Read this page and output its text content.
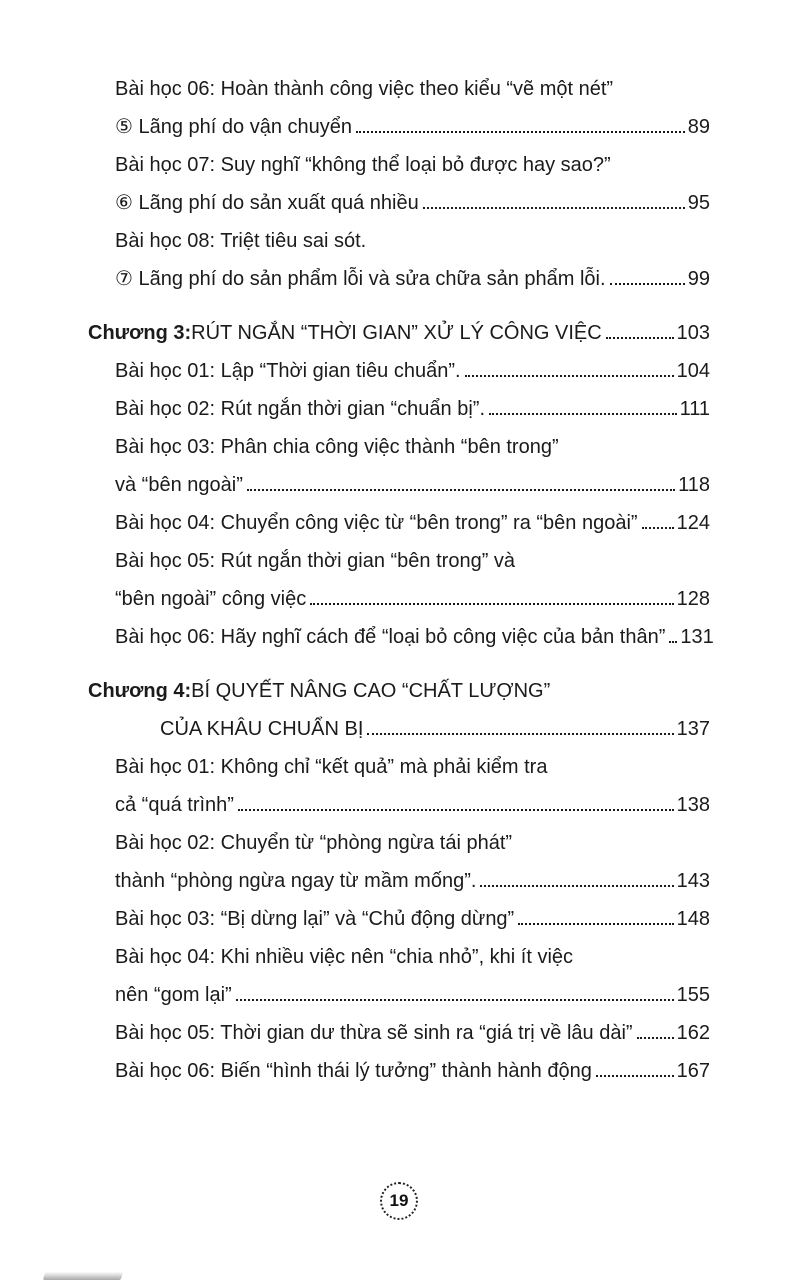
Bài học 06: Hoàn thành công việc theo kiểu “vẽ một nét”
⑤ Lãng phí do vận chuyển	89
Bài học 07: Suy nghĩ “không thể loại bỏ được hay sao?”
⑥ Lãng phí do sản xuất quá nhiều	95
Bài học 08: Triệt tiêu sai sót.
⑦ Lãng phí do sản phẩm lỗi và sửa chữa sản phẩm lỗi.	99
Chương 3: RÚT NGẮN “THỜI GIAN” XỬ LÝ CÔNG VIỆC	103
Bài học 01: Lập “Thời gian tiêu chuẩn”.	104
Bài học 02: Rút ngắn thời gian “chuẩn bị”.	111
Bài học 03: Phân chia công việc thành “bên trong”
và “bên ngoài”	118
Bài học 04: Chuyển công việc từ “bên trong” ra “bên ngoài” 124
Bài học 05: Rút ngắn thời gian “bên trong” và
“bên ngoài” công việc	128
Bài học 06: Hãy nghĩ cách để “loại bỏ công việc của bản thân” 131
Chương 4: BÍ QUYẾT NÂNG CAO “CHẤT LƯỢNG”
CỦA KHÂU CHUẨN BỊ	137
Bài học 01: Không chỉ “kết quả” mà phải kiểm tra
cả “quá trình”	138
Bài học 02: Chuyển từ “phòng ngừa tái phát”
thành “phòng ngừa ngay từ mầm mống”.	143
Bài học 03: “Bị dừng lại” và “Chủ động dừng”	148
Bài học 04: Khi nhiều việc nên “chia nhỏ”, khi ít việc
nên “gom lại”	155
Bài học 05: Thời gian dư thừa sẽ sinh ra “giá trị về lâu dài” 162
Bài học 06: Biến “hình thái lý tưởng” thành hành động	167
19
